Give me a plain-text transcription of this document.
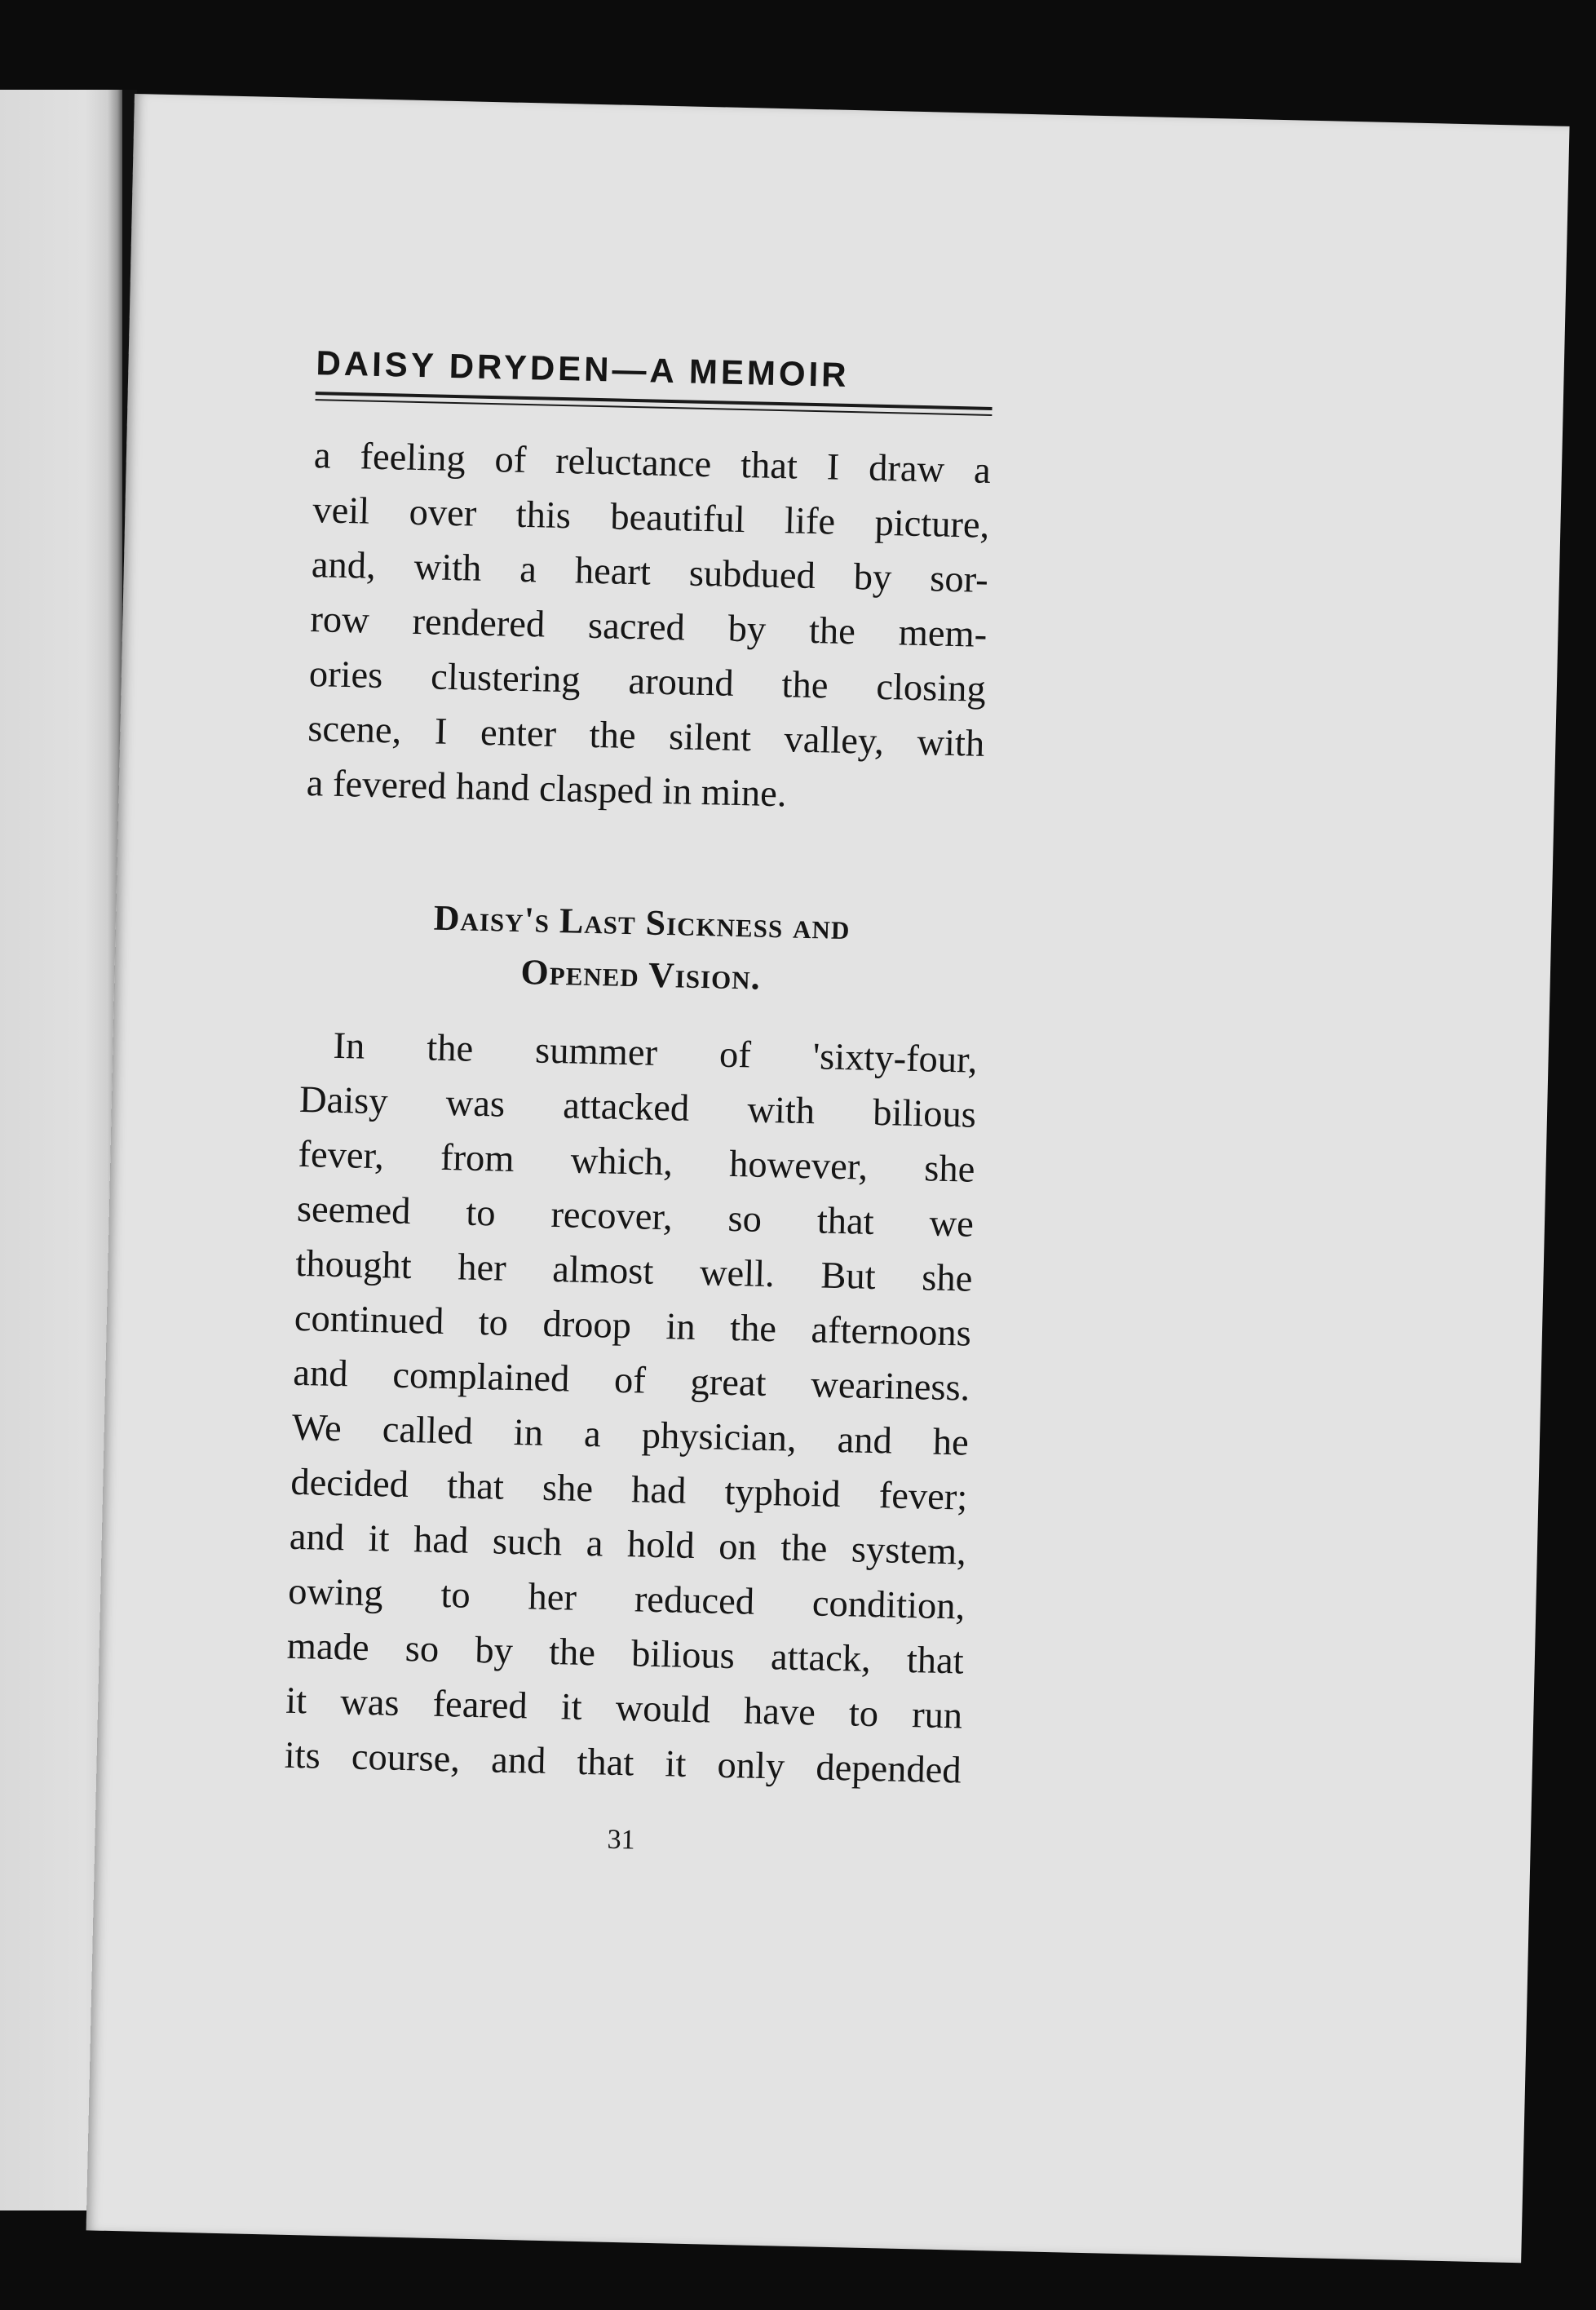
DAISY DRYDEN—A MEMOIR

a feeling of reluctance that I draw a
veil over this beautiful life picture,
and, with a heart subdued by sor-
row rendered sacred by the mem-
ories clustering around the closing
scene, I enter the silent valley, with
a fevered hand clasped in mine.

Daisy's Last Sickness and
Opened Vision.

In the summer of 'sixty-four,
Daisy was attacked with bilious
fever, from which, however, she
seemed to recover, so that we
thought her almost well. But she
continued to droop in the afternoons
and complained of great weariness.
We called in a physician, and he
decided that she had typhoid fever;
and it had such a hold on the system,
owing to her reduced condition,
made so by the bilious attack, that
it was feared it would have to run
its course, and that it only depended

31
